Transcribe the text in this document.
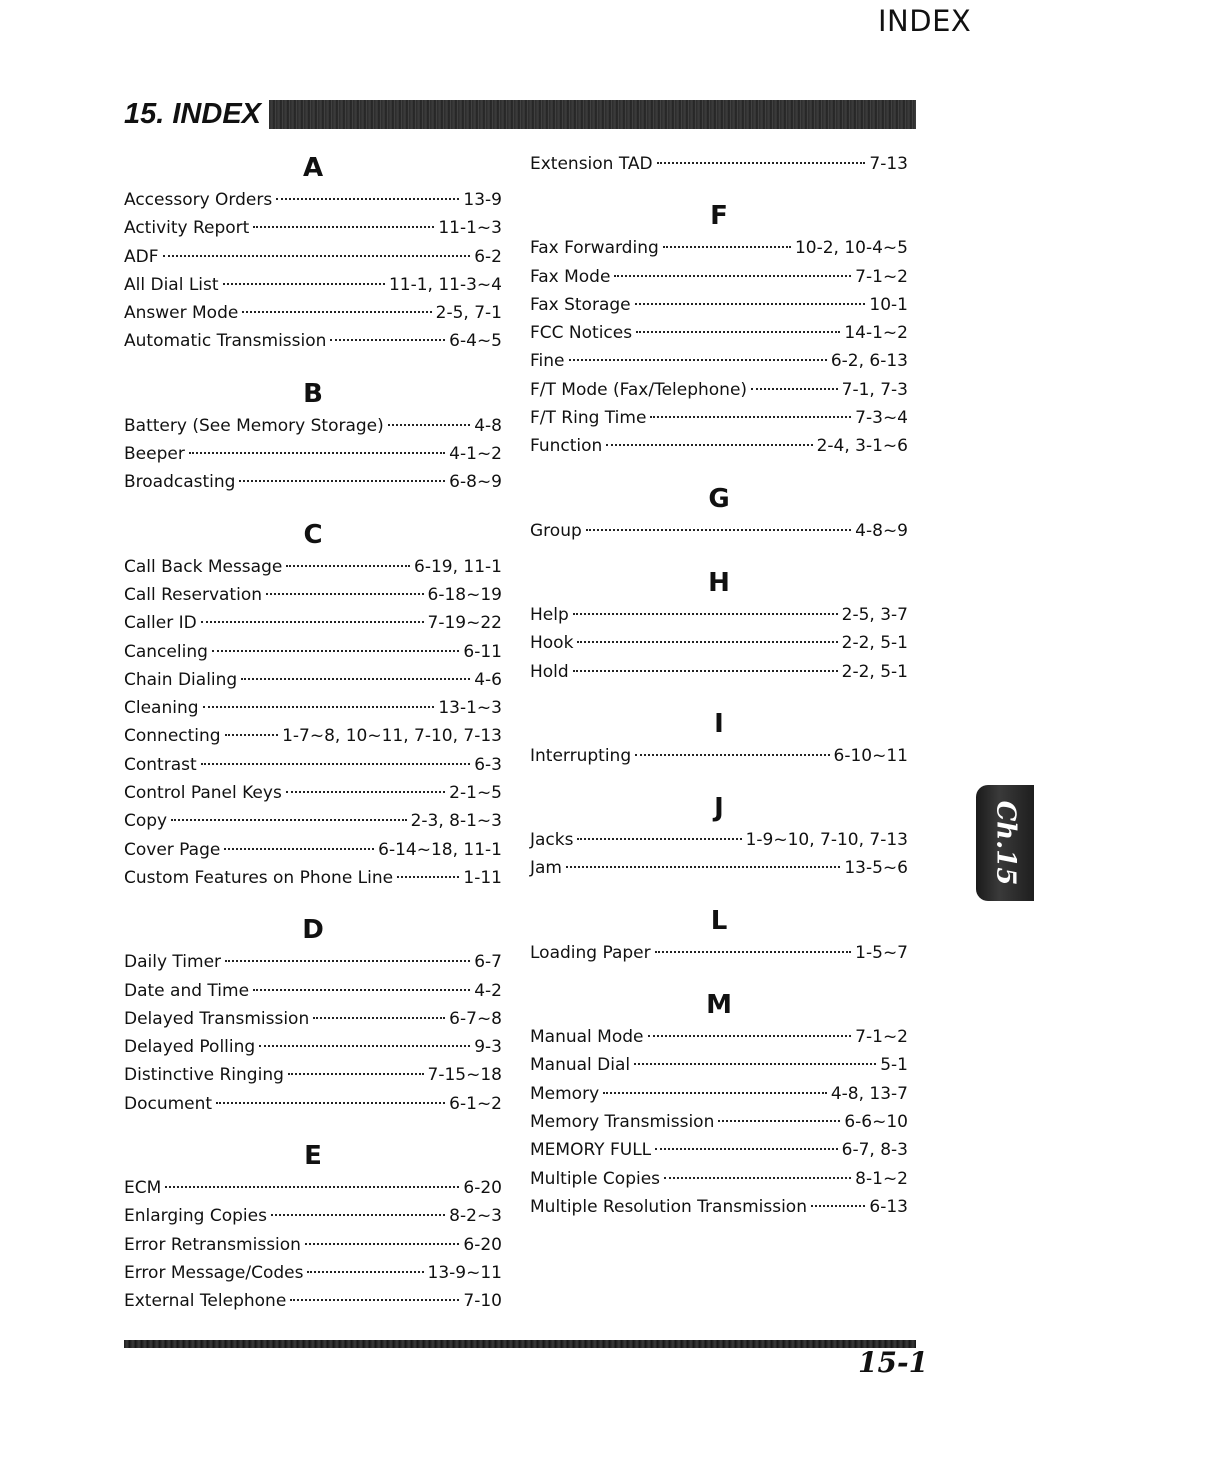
INDEX
15. INDEX
A
Accessory Orders	13-9
Activity Report	11-1~3
ADF	6-2
All Dial List	11-1, 11-3~4
Answer Mode	2-5, 7-1
Automatic Transmission	6-4~5
B
Battery (See Memory Storage)	4-8
Beeper	4-1~2
Broadcasting	6-8~9
C
Call Back Message	6-19, 11-1
Call Reservation	6-18~19
Caller ID	7-19~22
Canceling	6-11
Chain Dialing	4-6
Cleaning	13-1~3
Connecting	1-7~8, 10~11, 7-10, 7-13
Contrast	6-3
Control Panel Keys	2-1~5
Copy	2-3, 8-1~3
Cover Page	6-14~18, 11-1
Custom Features on Phone Line	1-11
D
Daily Timer	6-7
Date and Time	4-2
Delayed Transmission	6-7~8
Delayed Polling	9-3
Distinctive Ringing	7-15~18
Document	6-1~2
E
ECM	6-20
Enlarging Copies	8-2~3
Error Retransmission	6-20
Error Message/Codes	13-9~11
External Telephone	7-10
Extension TAD	7-13
F
Fax Forwarding	10-2, 10-4~5
Fax Mode	7-1~2
Fax Storage	10-1
FCC Notices	14-1~2
Fine	6-2, 6-13
F/T Mode (Fax/Telephone)	7-1, 7-3
F/T Ring Time	7-3~4
Function	2-4, 3-1~6
G
Group	4-8~9
H
Help	2-5, 3-7
Hook	2-2, 5-1
Hold	2-2, 5-1
I
Interrupting	6-10~11
J
Jacks	1-9~10, 7-10, 7-13
Jam	13-5~6
L
Loading Paper	1-5~7
M
Manual Mode	7-1~2
Manual Dial	5-1
Memory	4-8, 13-7
Memory Transmission	6-6~10
MEMORY FULL	6-7, 8-3
Multiple Copies	8-1~2
Multiple Resolution Transmission	6-13
Ch.15
15-1
